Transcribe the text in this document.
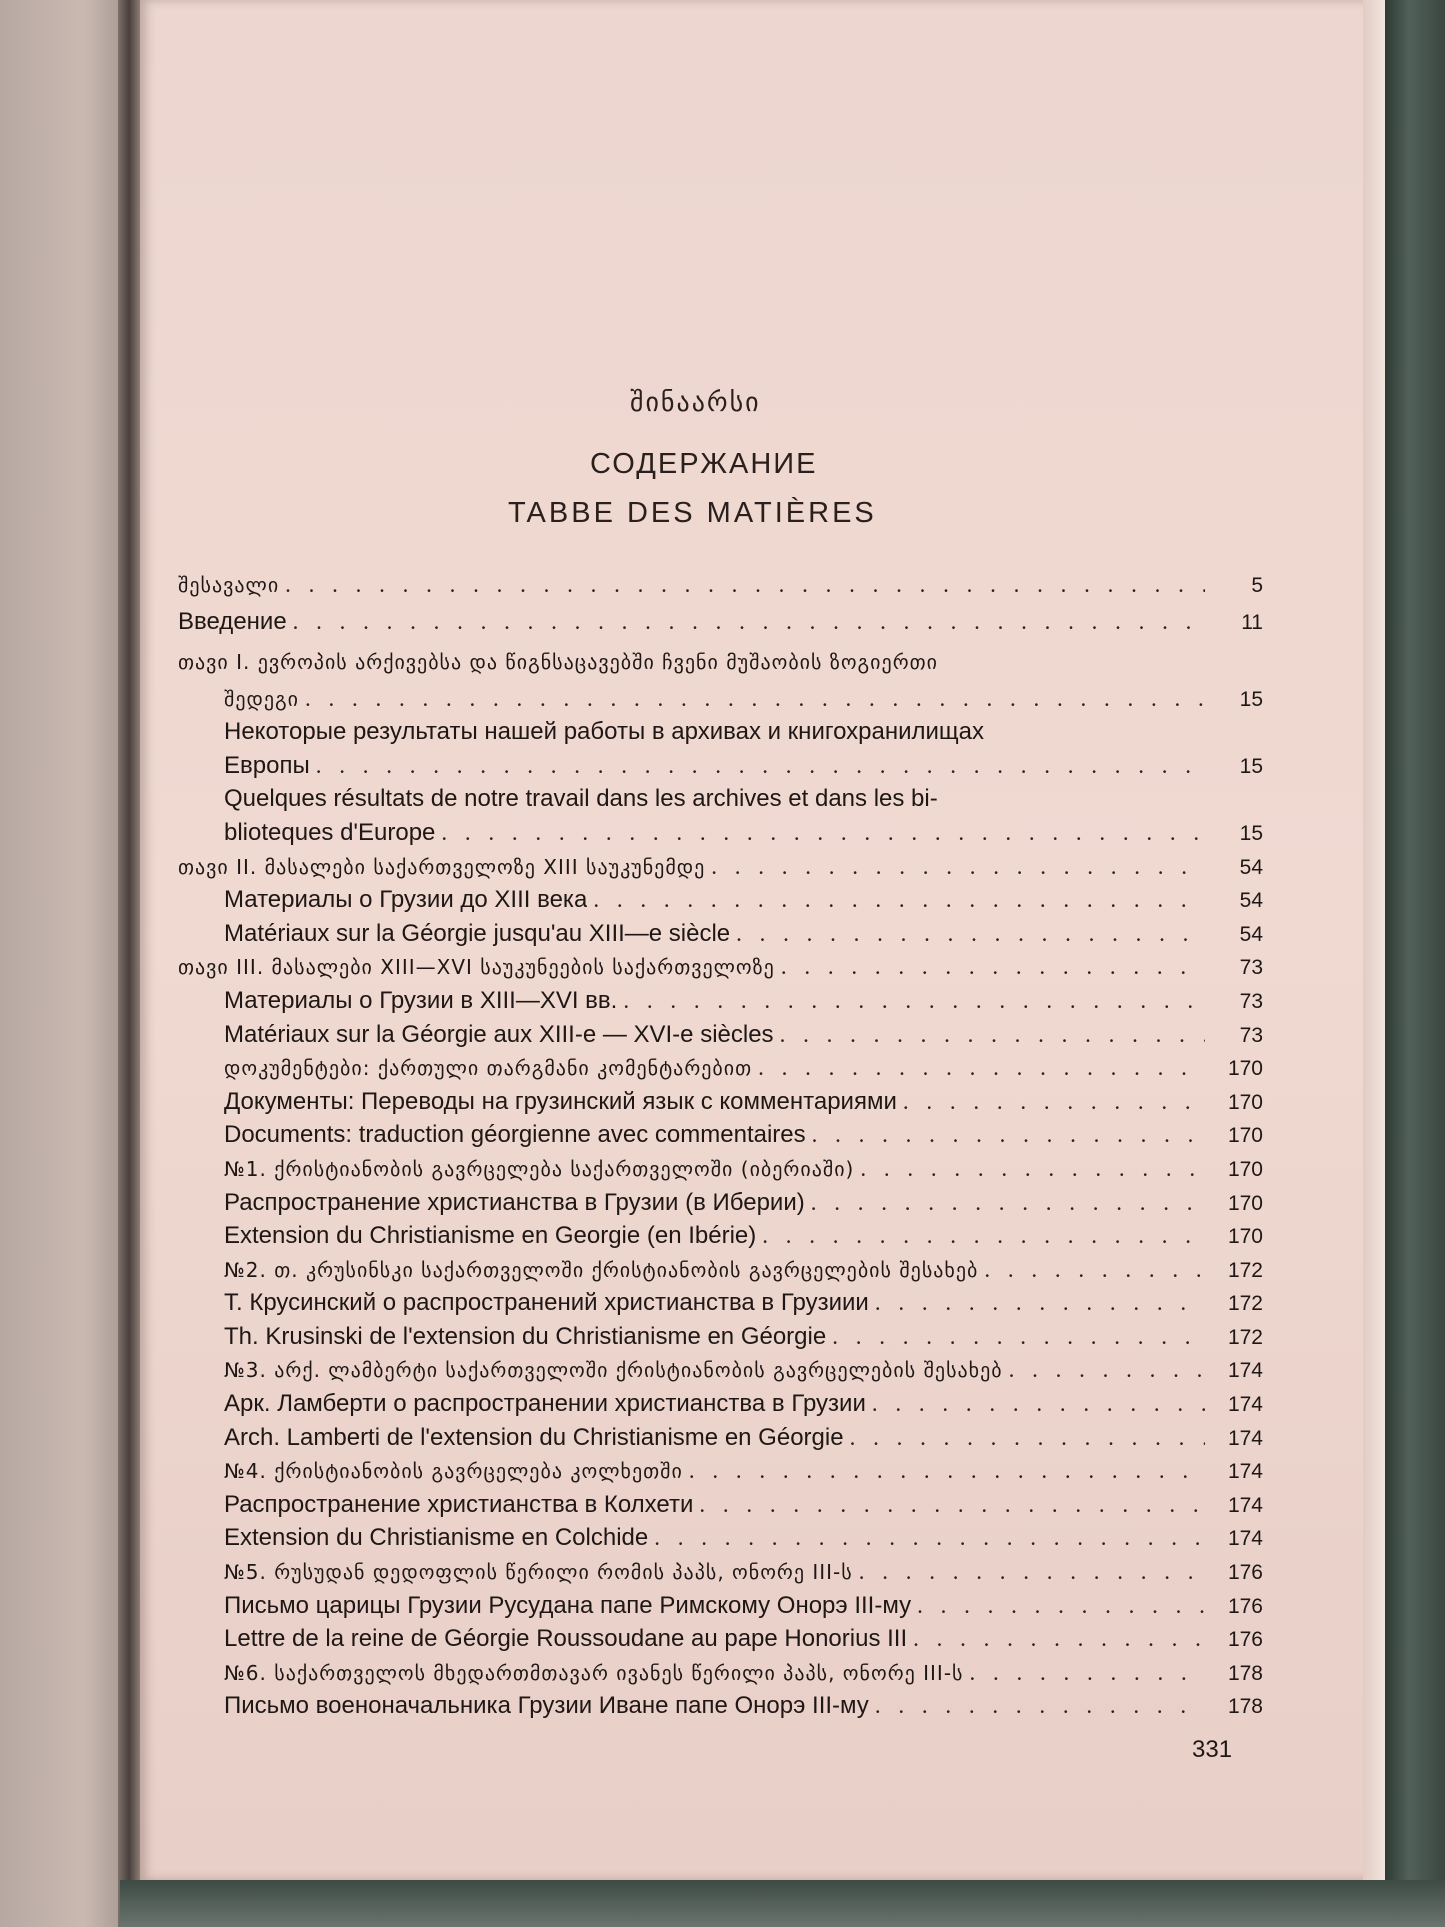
შინაარსი
СОДЕРЖАНИЕ
TABBE DES MATIÈRES
შესავალი . . .	5
Введение . . .	11
თავი I. ევროპის არქივებსა და წიგნსაცავებში ჩვენი მუშაობის ზოგიერთი
შედეგი . . .	15
Некоторые результаты нашей работы в архивах и книгохранилищах
Европы . . .	15
Quelques résultats de notre travail dans les archives et dans les bi-
blioteques d'Europe . . .	15
თავი II. მასალები საქართველოზე XIII საუკუნემდე . . .	54
Материалы о Грузии до XIII века . . .	54
Matériaux sur la Géorgie jusqu'au XIII—e siècle . . .	54
თავი III. მასალები XIII—XVI საუკუნეების საქართველოზე . . .	73
Материалы о Грузии в XIII—XVI вв. . . .	73
Matériaux sur la Géorgie aux XIII-e — XVI-e siècles . . .	73
დოკუმენტები: ქართული თარგმანი კომენტარებით . . .	170
Документы: Переводы на грузинский язык с комментариями . . .	170
Documents: traduction géorgienne avec commentaires . . .	170
№1. ქრისტიანობის გავრცელება საქართველოში (იბერიაში) . . .	170
Распространение христианства в Грузии (в Иберии) . . .	170
Extension du Christianisme en Georgie (en Ibérie) . . .	170
№2. თ. კრუსინსკი საქართველოში ქრისტიანობის გავრცელების შესახებ . . .	172
Т. Крусинский о распространений христианства в Грузиии . . .	172
Th. Krusinski de l'extension du Christianisme en Géorgie . . .	172
№3. არქ. ლამბერტი საქართველოში ქრისტიანობის გავრცელების შესახებ . . .	174
Арк. Ламберти о распространении христианства в Грузии . . .	174
Arch. Lamberti de l'extension du Christianisme en Géorgie . . .	174
№4. ქრისტიანობის გავრცელება კოლხეთში . . .	174
Распространение христианства в Колхети . . .	174
Extension du Christianisme en Colchide . . .	174
№5. რუსუდან დედოფლის წერილი რომის პაპს, ონორე III-ს . . .	176
Письмо царицы Грузии Русудана папе Римскому Онорэ III-му . . .	176
Lettre de la reine de Géorgie Roussoudane au pape Honorius III . . .	176
№6. საქართველოს მხედართმთავარ ივანეს წერილი პაპს, ონორე III-ს . . .	178
Письмо военоначальника Грузии Иване папе Онорэ III-му . . .	178
331
